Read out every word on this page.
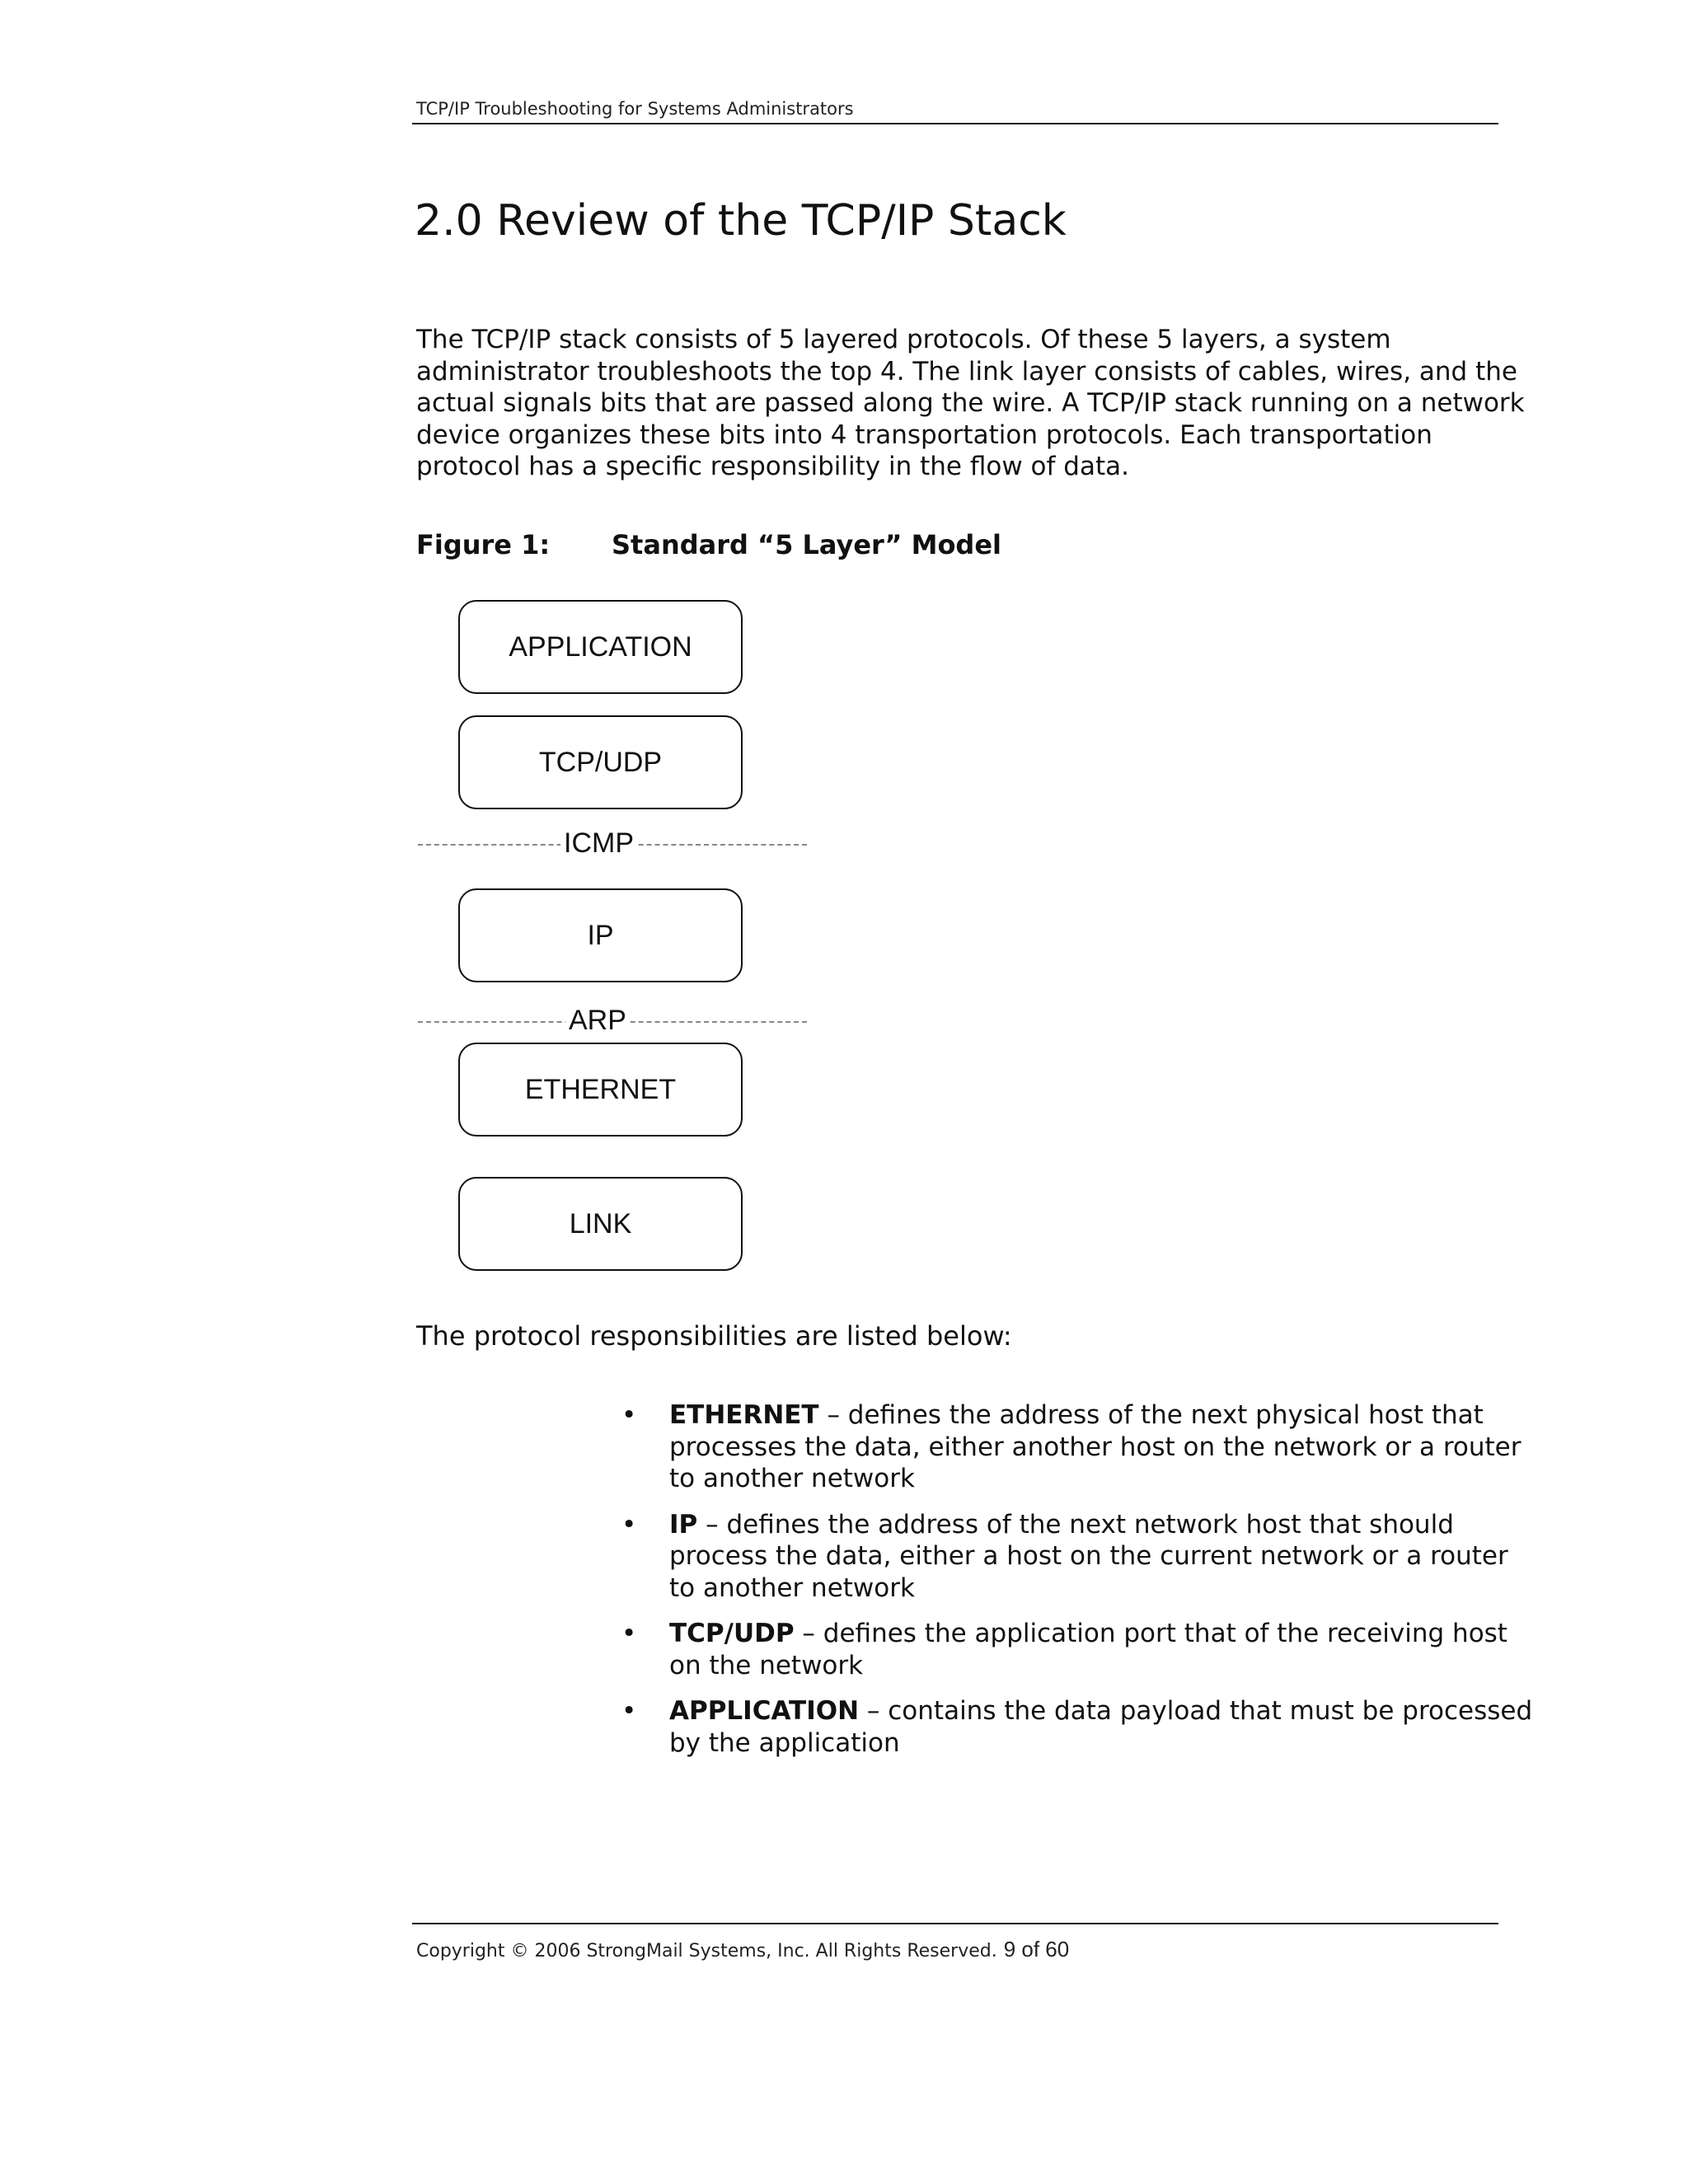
TCP/IP Troubleshooting for Systems Administrators
2.0 Review of the TCP/IP Stack

The TCP/IP stack consists of 5 layered protocols. Of these 5 layers, a system
administrator troubleshoots the top 4. The link layer consists of cables, wires, and the
actual signals bits that are passed along the wire. A TCP/IP stack running on a network
device organizes these bits into 4 transportation protocols. Each transportation
protocol has a specific responsibility in the flow of data.

Figure 1: Standard “5 Layer” Model
APPLICATION
TCP/UDP
ICMP
IP
ARP
ETHERNET
LINK
The protocol responsibilities are listed below:
• ETHERNET – defines the address of the next physical host that
processes the data, either another host on the network or a router
to another network
• IP – defines the address of the next network host that should
process the data, either a host on the current network or a router
to another network
• TCP/UDP – defines the application port that of the receiving host
on the network
• APPLICATION – contains the data payload that must be processed
by the application
Copyright © 2006 StrongMail Systems, Inc. All Rights Reserved. 9 of 60
